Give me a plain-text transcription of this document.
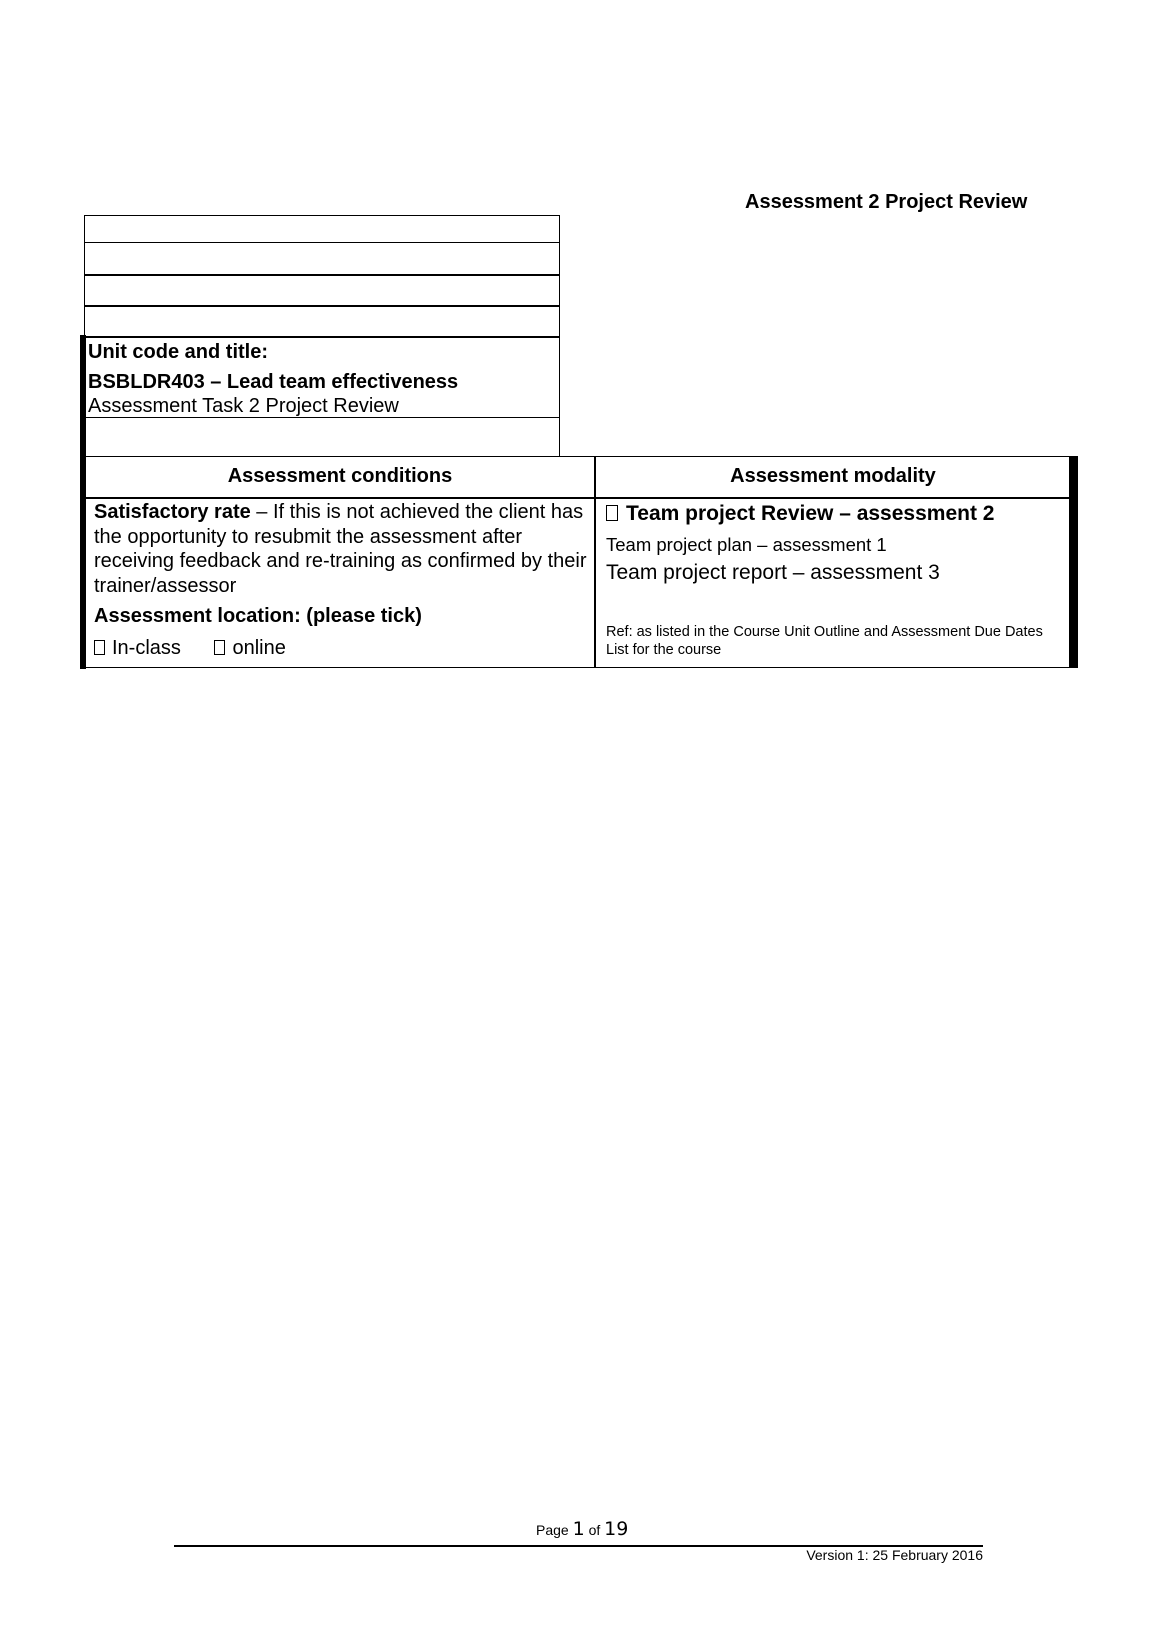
Assessment 2 Project Review
Unit code and title:
BSBLDR403 – Lead team effectiveness
Assessment Task 2 Project Review
Assessment conditions	Assessment modality
Satisfactory rate – If this is not achieved the client has the opportunity to resubmit the assessment after receiving feedback and re-training as confirmed by their trainer/assessor
Assessment location: (please tick)
In-class	online
Team project Review – assessment 2
Team project plan – assessment 1
Team project report – assessment 3
Ref: as listed in the Course Unit Outline and Assessment Due Dates List for the course
Page 1 of 19
Version 1: 25 February 2016
